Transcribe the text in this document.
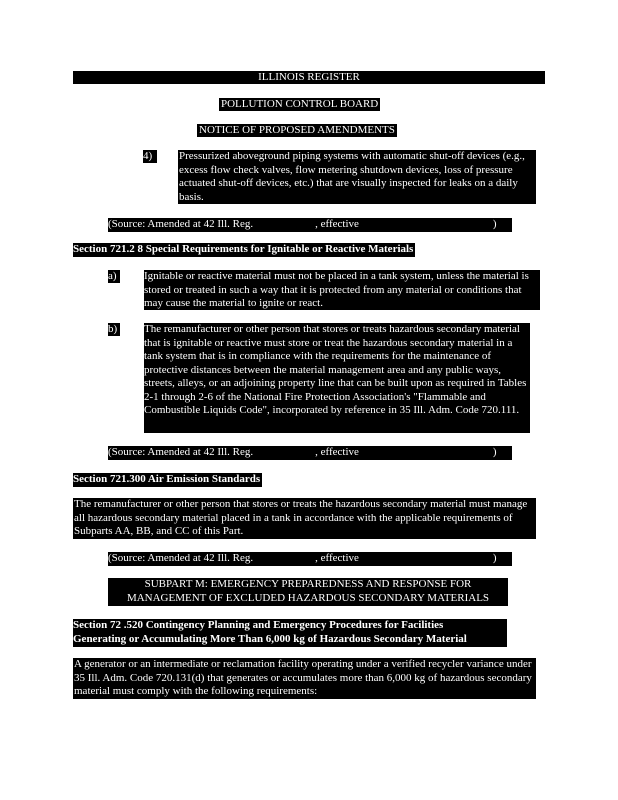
ILLINOIS REGISTER
POLLUTION CONTROL BOARD
NOTICE OF PROPOSED AMENDMENTS
4)	Pressurized aboveground piping systems with automatic shut-off devices (e.g., excess flow check valves, flow metering shutdown devices, loss of pressure actuated shut-off devices, etc.) that are visually inspected for leaks on a daily basis.
(Source: Amended at 42 Ill. Reg.	, effective	)
Section 721.2 8 Special Requirements for Ignitable or Reactive Materials
a)	Ignitable or reactive material must not be placed in a tank system, unless the material is stored or treated in such a way that it is protected from any material or conditions that may cause the material to ignite or react.
b) The remanufacturer or other person that stores or treats hazardous secondary material that is ignitable or reactive must store or treat the hazardous secondary material in a tank system that is in compliance with the requirements for the maintenance of protective distances between the material management area and any public ways, streets, alleys, or an adjoining property line that can be built upon as required in Tables 2-1 through 2-6 of the National Fire Protection Association's "Flammable and Combustible Liquids Code", incorporated by reference in 35 Ill. Adm. Code 720.111.
(Source: Amended at 42 Ill. Reg.	, effective	)
Section 721.300 Air Emission Standards
The remanufacturer or other person that stores or treats the hazardous secondary material must manage all hazardous secondary material placed in a tank in accordance with the applicable requirements of Subparts AA, BB, and CC of this Part.
(Source: Amended at 42 Ill. Reg.	, effective	)
SUBPART M: EMERGENCY PREPAREDNESS AND RESPONSE FOR
MANAGEMENT OF EXCLUDED HAZARDOUS SECONDARY MATERIALS
Section 72 .520 Contingency Planning and Emergency Procedures for Facilities
Generating or Accumulating More Than 6,000 kg of Hazardous Secondary Material
A generator or an intermediate or reclamation facility operating under a verified recycler variance under 35 Ill. Adm. Code 720.131(d) that generates or accumulates more than 6,000 kg of hazardous secondary material must comply with the following requirements:
